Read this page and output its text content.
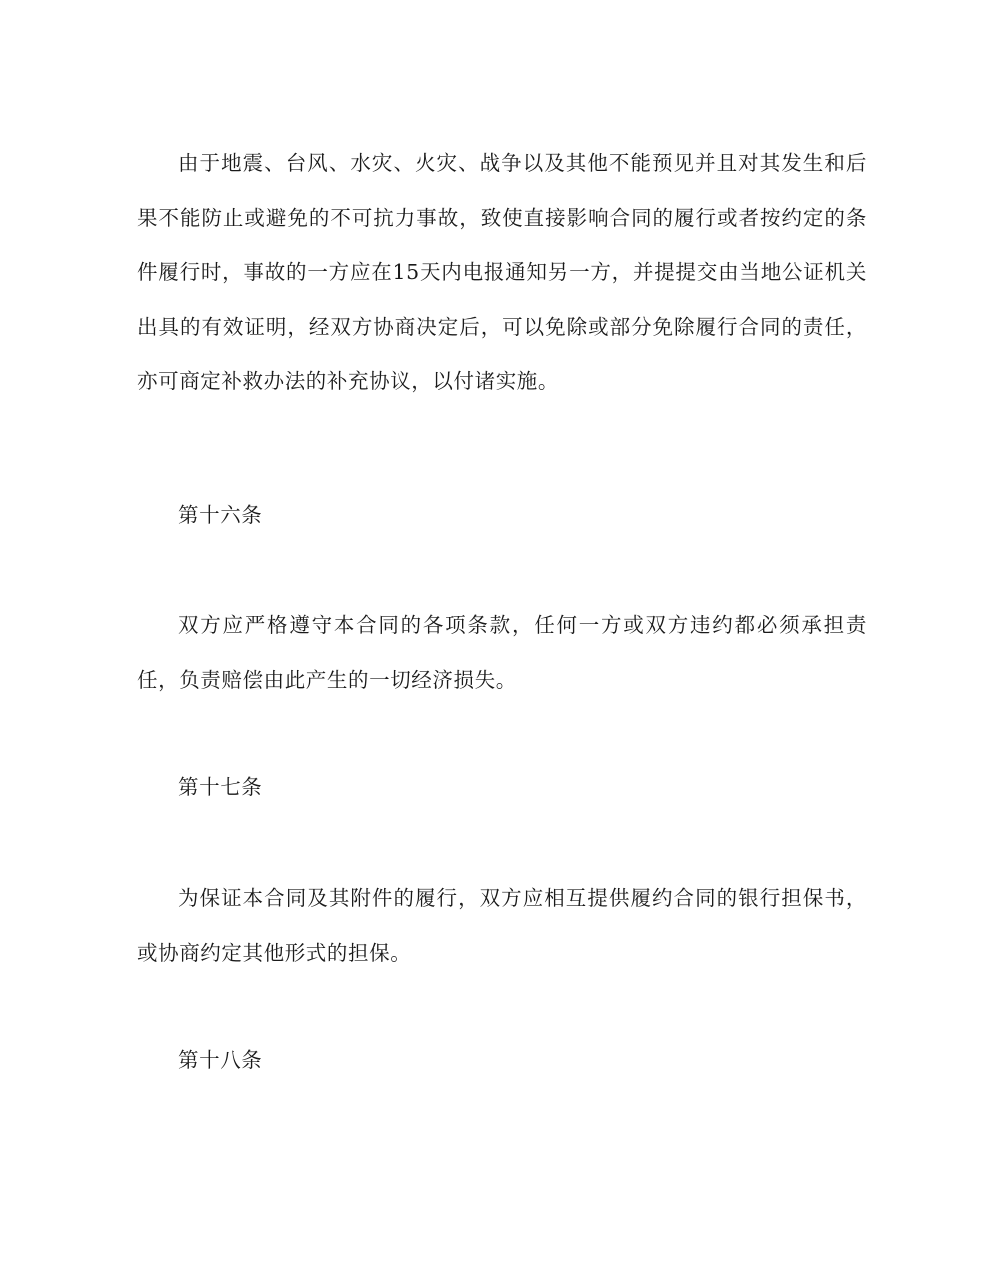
由于地震、台风、水灾、火灾、战争以及其他不能预见并且对其发生和后果不能防止或避免的不可抗力事故，致使直接影响合同的履行或者按约定的条件履行时，事故的一方应在15天内电报通知另一方，并提提交由当地公证机关出具的有效证明，经双方协商决定后，可以免除或部分免除履行合同的责任，亦可商定补救办法的补充协议，以付诸实施。

第十六条

双方应严格遵守本合同的各项条款，任何一方或双方违约都必须承担责任，负责赔偿由此产生的一切经济损失。

第十七条

为保证本合同及其附件的履行，双方应相互提供履约合同的银行担保书，或协商约定其他形式的担保。

第十八条
